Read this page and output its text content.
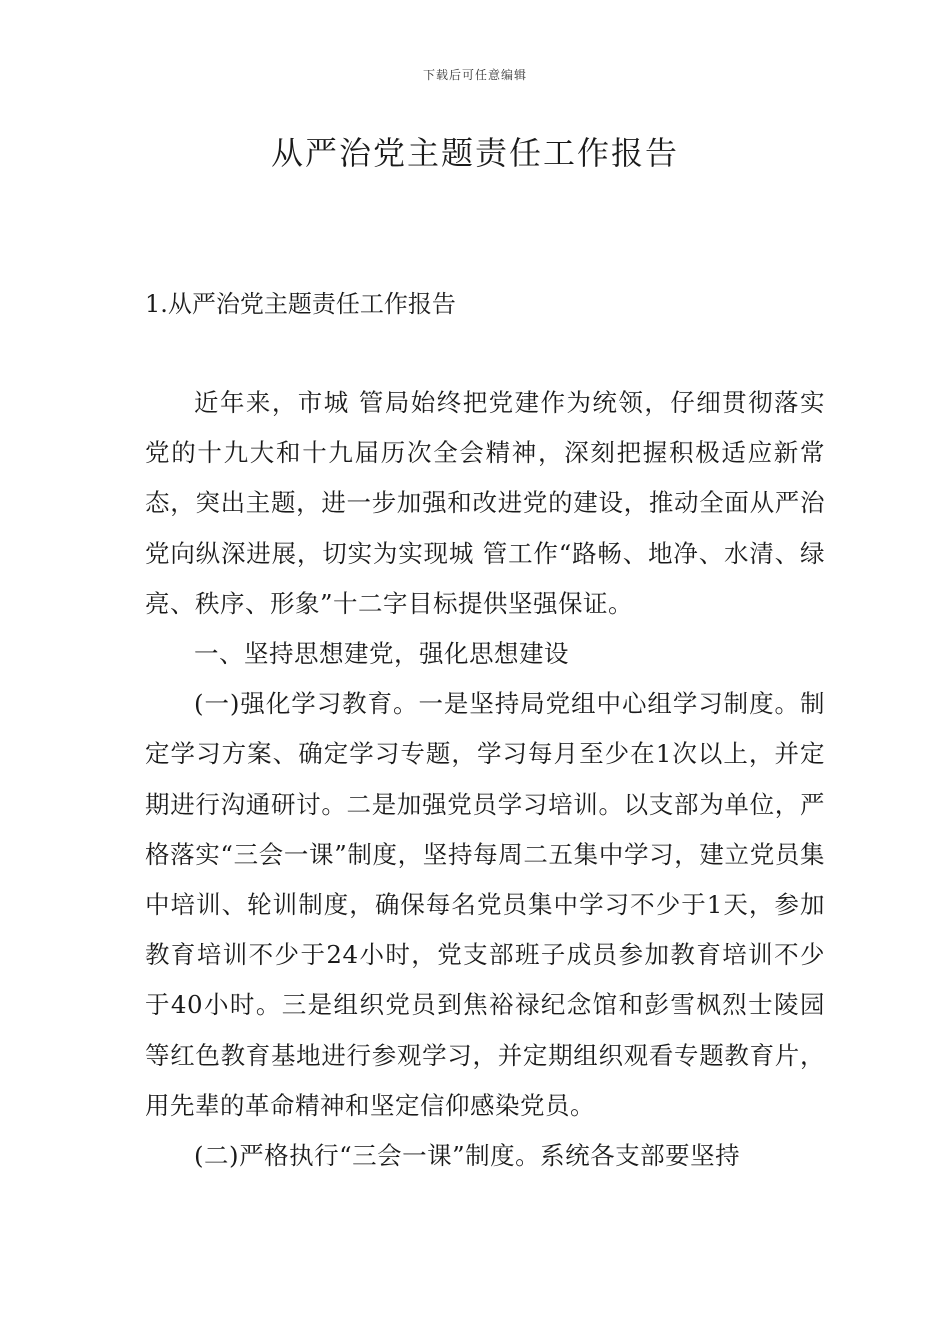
下载后可任意编辑
从严治党主题责任工作报告
1.从严治党主题责任工作报告

近年来，市城 管局始终把党建作为统领，仔细贯彻落实党的十九大和十九届历次全会精神，深刻把握积极适应新常态，突出主题，进一步加强和改进党的建设，推动全面从严治党向纵深进展，切实为实现城 管工作“路畅、地净、水清、绿亮、秩序、形象”十二字目标提供坚强保证。

一、坚持思想建党，强化思想建设

(一)强化学习教育。一是坚持局党组中心组学习制度。制定学习方案、确定学习专题，学习每月至少在1次以上，并定期进行沟通研讨。二是加强党员学习培训。以支部为单位，严格落实“三会一课”制度，坚持每周二五集中学习，建立党员集中培训、轮训制度，确保每名党员集中学习不少于1天，参加教育培训不少于24小时，党支部班子成员参加教育培训不少于40小时。三是组织党员到焦裕禄纪念馆和彭雪枫烈士陵园等红色教育基地进行参观学习，并定期组织观看专题教育片，用先辈的革命精神和坚定信仰感染党员。

(二)严格执行“三会一课”制度。系统各支部要坚持
